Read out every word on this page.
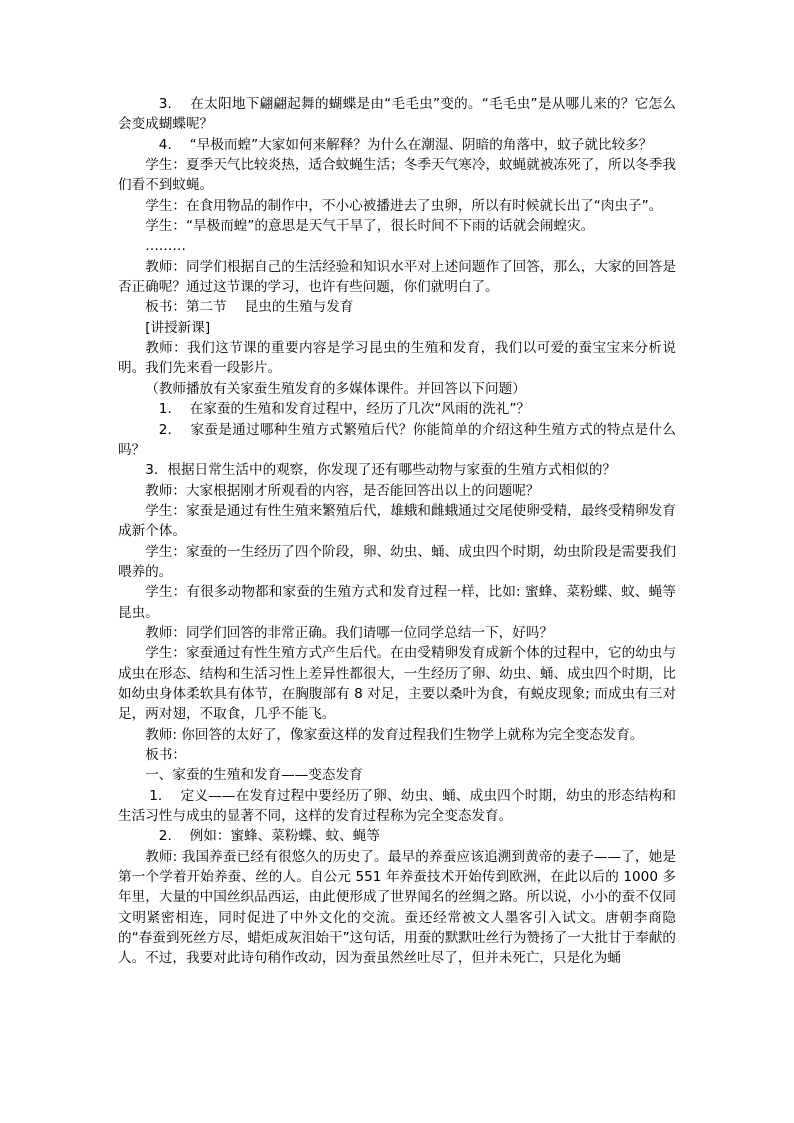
3.　 在太阳地下翩翩起舞的蝴蝶是由“毛毛虫”变的。“毛毛虫”是从哪儿来的？它怎么会变成蝴蝶呢？

4.　 “早极而蝗”大家如何来解释？为什么在潮湿、阴暗的角落中，蚊子就比较多？

学生：夏季天气比较炎热，适合蚊蝇生活；冬季天气寒冷，蚊蝇就被冻死了，所以冬季我们看不到蚊蝇。

学生：在食用物品的制作中，不小心被播进去了虫卵，所以有时候就长出了“肉虫子”。

学生：“旱极而蝗”的意思是天气干旱了，很长时间不下雨的话就会闹蝗灾。

………

教师：同学们根据自己的生活经验和知识水平对上述问题作了回答，那么，大家的回答是否正确呢？通过这节课的学习，也许有些问题，你们就明白了。

板书：第二节　 昆虫的生殖与发育

[讲授新课]

教师：我们这节课的重要内容是学习昆虫的生殖和发育，我们以可爱的蚕宝宝来分析说明。我们先来看一段影片。

（教师播放有关家蚕生殖发育的多媒体课件。并回答以下问题）

1.　 在家蚕的生殖和发育过程中，经历了几次“风雨的洗礼”？

2.　 家蚕是通过哪种生殖方式繁殖后代？你能简单的介绍这种生殖方式的特点是什么吗？

3．根据日常生活中的观察，你发现了还有哪些动物与家蚕的生殖方式相似的？

教师：大家根据刚才所观看的内容，是否能回答出以上的问题呢？

学生：家蚕是通过有性生殖来繁殖后代，雄蛾和雌蛾通过交尾使卵受精，最终受精卵发育成新个体。

学生：家蚕的一生经历了四个阶段，卵、幼虫、蛹、成虫四个时期，幼虫阶段是需要我们喂养的。

学生：有很多动物都和家蚕的生殖方式和发育过程一样，比如: 蜜蜂、菜粉蝶、蚊、蝇等昆虫。

教师：同学们回答的非常正确。我们请哪一位同学总结一下，好吗？

学生：家蚕通过有性生殖方式产生后代。在由受精卵发育成新个体的过程中，它的幼虫与成虫在形态、结构和生活习性上差异性都很大，一生经历了卵、幼虫、蛹、成虫四个时期，比如幼虫身体柔软具有体节，在胸腹部有 8 对足，主要以桑叶为食，有蜕皮现象; 而成虫有三对足，两对翅，不取食，几乎不能飞。

教师: 你回答的太好了，像家蚕这样的发育过程我们生物学上就称为完全变态发育。

板书：

一、家蚕的生殖和发育——变态发育

1.　 定义——在发育过程中要经历了卵、幼虫、蛹、成虫四个时期，幼虫的形态结构和生活习性与成虫的显著不同，这样的发育过程称为完全变态发育。

2.　 例如：蜜蜂、菜粉蝶、蚊、蝇等

教师: 我国养蚕已经有很悠久的历史了。最早的养蚕应该追溯到黄帝的妻子——了，她是第一个学着开始养蚕、丝的人。自公元 551 年养蚕技术开始传到欧洲，在此以后的 1000 多年里，大量的中国丝织品西运，由此便形成了世界闻名的丝绸之路。所以说，小小的蚕不仅同文明紧密相连，同时促进了中外文化的交流。蚕还经常被文人墨客引入试文。唐朝李商隐的“春蚕到死丝方尽，蜡炬成灰泪始干”这句话，用蚕的默默吐丝行为赞扬了一大批甘于奉献的人。不过，我要对此诗句稍作改动，因为蚕虽然丝吐尽了，但并未死亡，只是化为蛹
